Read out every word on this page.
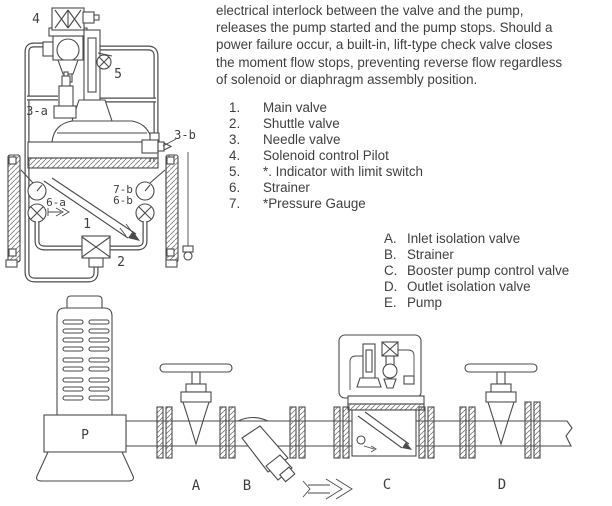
electrical interlock between the valve and the pump,
releases the pump started and the pump stops. Should a
power failure occur, a built-in, lift-type check valve closes
the moment flow stops, preventing reverse flow regardless
of solenoid or diaphragm assembly position.
1.	Main valve
2.	Shuttle valve
3.	Needle valve
4.	Solenoid control Pilot
5.	*. Indicator with limit switch
6.	Strainer
7.	*Pressure Gauge
A. Inlet isolation valve
B. Strainer
C. Booster pump control valve
D. Outlet isolation valve
E. Pump
4
5
3-a
3-b
7-b
6-b
6-a
1
2
P
A	B	C	D
